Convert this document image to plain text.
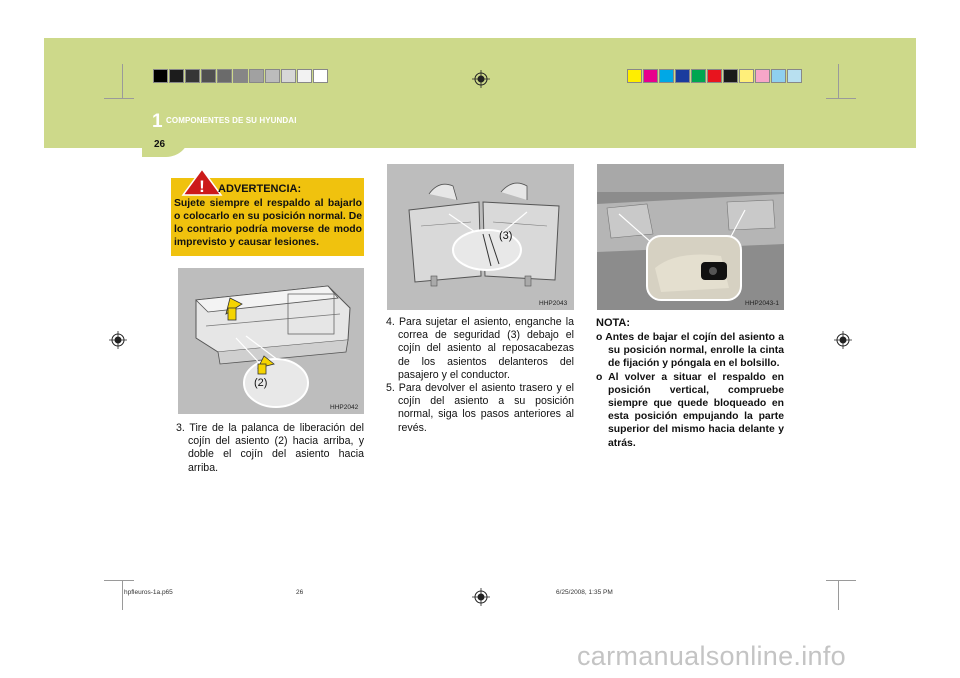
1 COMPONENTES DE SU HYUNDAI
26
! ADVERTENCIA:
Sujete siempre el respaldo al bajarlo o colocarlo en su posición normal. De lo contrario podría moverse de modo imprevisto y causar lesiones.
(2)
HHP2042
(3)
HHP2043	HHP2043-1
3. Tire de la palanca de liberación del cojín del asiento (2) hacia arriba, y doble el cojín del asiento hacia arriba.
4. Para sujetar el asiento, enganche la correa de seguridad (3) debajo el cojín del asiento al reposacabezas de los asientos delanteros del pasajero y el conductor.
5. Para devolver el asiento trasero y el cojín del asiento a su posición normal, siga los pasos anteriores al revés.
NOTA:
o Antes de bajar el cojín del asiento a su posición normal, enrolle la cinta de fijación y póngala en el bolsillo.
o Al volver a situar el respaldo en posición vertical, compruebe siempre que quede bloqueado en esta posición empujando la parte superior del mismo hacia delante y atrás.
hpfleuros-1a.p65	26	6/25/2008, 1:35 PM
carmanualsonline.info
